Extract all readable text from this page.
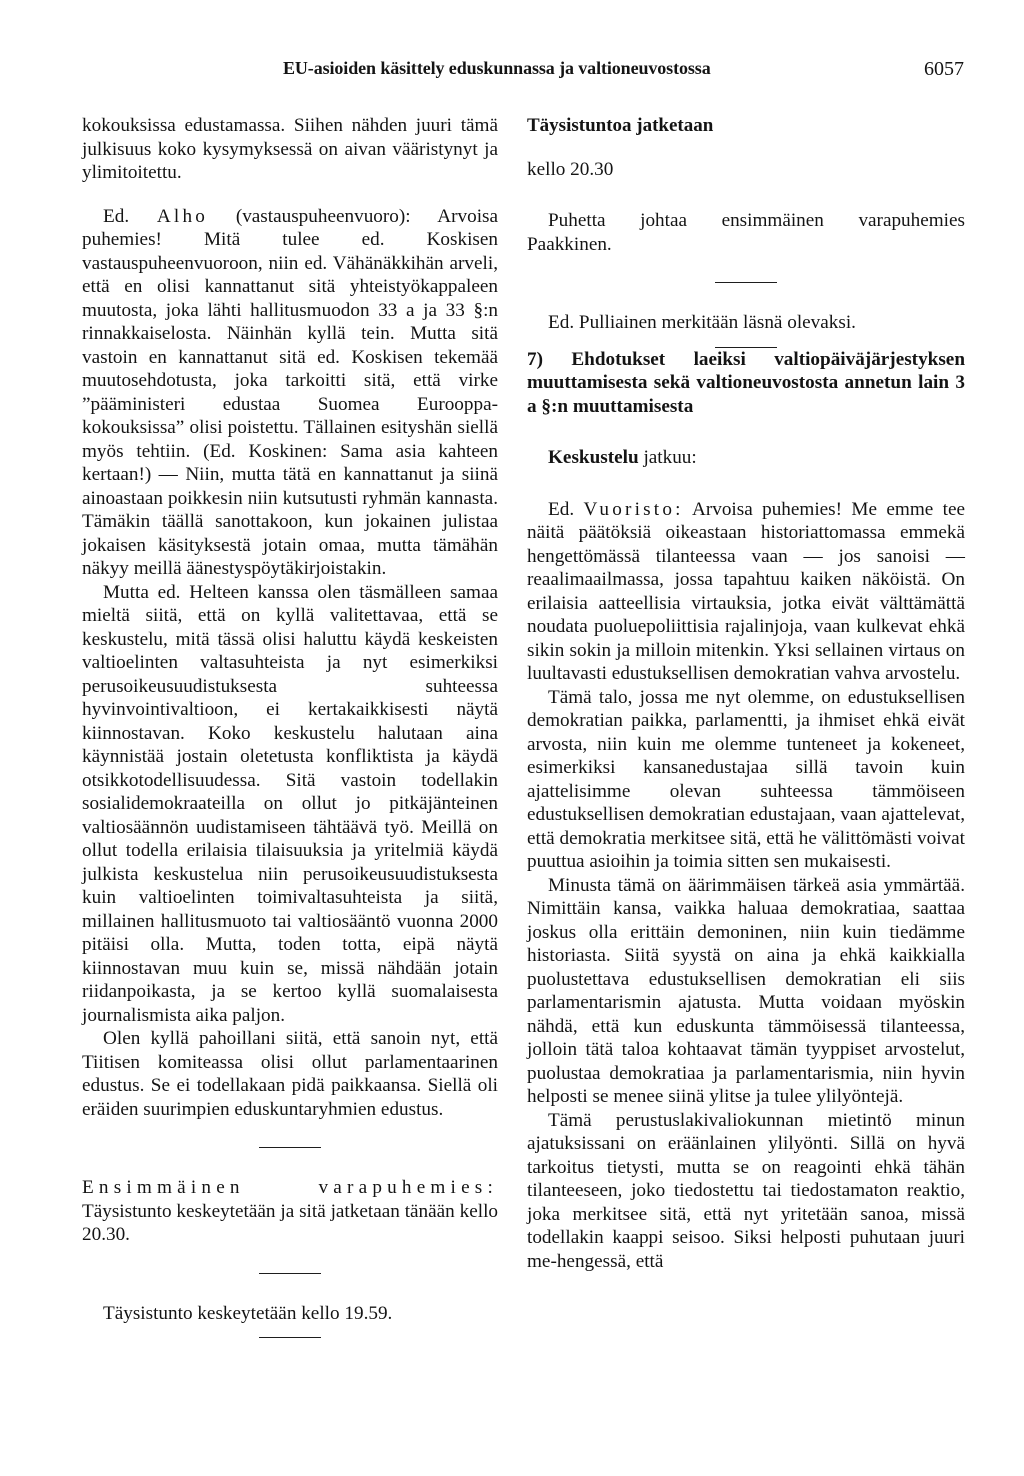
EU-asioiden käsittely eduskunnassa ja valtioneuvostossa	6057

kokouksissa edustamassa. Siihen nähden juuri tämä julkisuus koko kysymyksessä on aivan vääristynyt ja ylimitoitettu.

Ed. Alho (vastauspuheenvuoro): Arvoisa puhemies! Mitä tulee ed. Koskisen vastauspuheenvuoroon, niin ed. Vähänäkkihän arveli, että en olisi kannattanut sitä yhteistyökappaleen muutosta, joka lähti hallitusmuodon 33 a ja 33 §:n rinnakkaiselosta. Näinhän kyllä tein. Mutta sitä vastoin en kannattanut sitä ed. Koskisen tekemää muutosehdotusta, joka tarkoitti sitä, että virke ”pääministeri edustaa Suomea Eurooppa-kokouksissa” olisi poistettu. Tällainen esityshän siellä myös tehtiin. (Ed. Koskinen: Sama asia kahteen kertaan!) — Niin, mutta tätä en kannattanut ja siinä ainoastaan poikkesin niin kutsutusti ryhmän kannasta. Tämäkin täällä sanottakoon, kun jokainen julistaa jokaisen käsityksestä jotain omaa, mutta tämähän näkyy meillä äänestyspöytäkirjoistakin.

Mutta ed. Helteen kanssa olen täsmälleen samaa mieltä siitä, että on kyllä valitettavaa, että se keskustelu, mitä tässä olisi haluttu käydä keskeisten valtioelinten valtasuhteista ja nyt esimerkiksi perusoikeusuudistuksesta suhteessa hyvinvointivaltioon, ei kertakaikkisesti näytä kiinnostavan. Koko keskustelu halutaan aina käynnistää jostain oletetusta konfliktista ja käydä otsikkotodellisuudessa. Sitä vastoin todellakin sosialidemokraateilla on ollut jo pitkäjänteinen valtiosäännön uudistamiseen tähtäävä työ. Meillä on ollut todella erilaisia tilaisuuksia ja yritelmiä käydä julkista keskustelua niin perusoikeusuudistuksesta kuin valtioelinten toimivaltasuhteista ja siitä, millainen hallitusmuoto tai valtiosääntö vuonna 2000 pitäisi olla. Mutta, toden totta, eipä näytä kiinnostavan muu kuin se, missä nähdään jotain riidanpoikasta, ja se kertoo kyllä suomalaisesta journalismista aika paljon.

Olen kyllä pahoillani siitä, että sanoin nyt, että Tiitisen komiteassa olisi ollut parlamentaarinen edustus. Se ei todellakaan pidä paikkaansa. Siellä oli eräiden suurimpien eduskuntaryhmien edustus.

Ensimmäinen varapuhemies: Täysistunto keskeytetään ja sitä jatketaan tänään kello 20.30.

Täysistunto keskeytetään kello 19.59.

Täysistuntoa jatketaan

kello 20.30

Puhetta johtaa ensimmäinen varapuhemies Paakkinen.

Ed. Pulliainen merkitään läsnä olevaksi.

7) Ehdotukset laeiksi valtiopäiväjärjestyksen muuttamisesta sekä valtioneuvostosta annetun lain 3 a §:n muuttamisesta

Keskustelu jatkuu:

Ed. Vuoristo: Arvoisa puhemies! Me emme tee näitä päätöksiä oikeastaan historiattomassa emmekä hengettömässä tilanteessa vaan — jos sanoisi — reaalimaailmassa, jossa tapahtuu kaiken näköistä. On erilaisia aatteellisia virtauksia, jotka eivät välttämättä noudata puoluepoliittisia rajalinjoja, vaan kulkevat ehkä sikin sokin ja milloin mitenkin. Yksi sellainen virtaus on luultavasti edustuksellisen demokratian vahva arvostelu.

Tämä talo, jossa me nyt olemme, on edustuksellisen demokratian paikka, parlamentti, ja ihmiset ehkä eivät arvosta, niin kuin me olemme tunteneet ja kokeneet, esimerkiksi kansanedustajaa sillä tavoin kuin ajattelisimme olevan suhteessa tämmöiseen edustuksellisen demokratian edustajaan, vaan ajattelevat, että demokratia merkitsee sitä, että he välittömästi voivat puuttua asioihin ja toimia sitten sen mukaisesti.

Minusta tämä on äärimmäisen tärkeä asia ymmärtää. Nimittäin kansa, vaikka haluaa demokratiaa, saattaa joskus olla erittäin demoninen, niin kuin tiedämme historiasta. Siitä syystä on aina ja ehkä kaikkialla puolustettava edustuksellisen demokratian eli siis parlamentarismin ajatusta. Mutta voidaan myöskin nähdä, että kun eduskunta tämmöisessä tilanteessa, jolloin tätä taloa kohtaavat tämän tyyppiset arvostelut, puolustaa demokratiaa ja parlamentarismia, niin hyvin helposti se menee siinä ylitse ja tulee ylilyöntejä.

Tämä perustuslakivaliokunnan mietintö minun ajatuksissani on eräänlainen ylilyönti. Sillä on hyvä tarkoitus tietysti, mutta se on reagointi ehkä tähän tilanteeseen, joko tiedostettu tai tiedostamaton reaktio, joka merkitsee sitä, että nyt yritetään sanoa, missä todellakin kaappi seisoo. Siksi helposti puhutaan juuri me-hengessä, että
